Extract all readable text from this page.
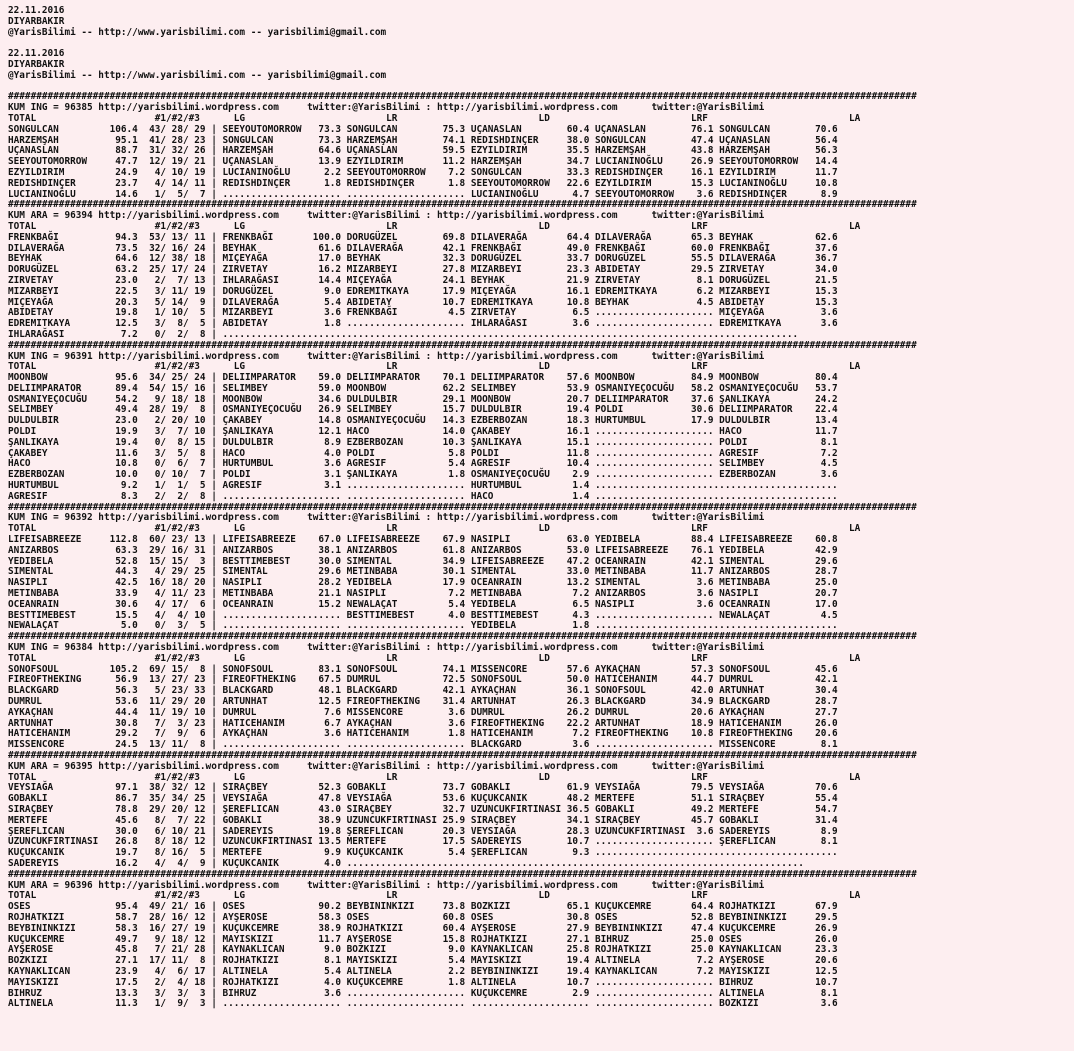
22.11.2016
DIYARBAKIR
@YarisBilimi -- http://www.yarisbilimi.com -- yarisbilimi@gmail.com
22.11.2016
DIYARBAKIR
@YarisBilimi -- http://www.yarisbilimi.com -- yarisbilimi@gmail.com
#################################################################################################################################################################
KUM ING = 96385 http://yarisbilimi.wordpress.com     twitter:@YarisBilimi : http://yarisbilimi.wordpress.com      twitter:@YarisBilimi
TOTAL                     #1/#2/#3      LG                         LR                         LD                         LRF                         LA
SONGULCAN         106.4  43/ 28/ 29 | SEEYOUTOMORROW   73.3 SONGULCAN        75.3 UÇANASLAN        60.4 UÇANASLAN        76.1 SONGULCAN        70.6
HARZEMŞAH          95.1  41/ 28/ 23 | SONGULCAN        73.3 HARZEMŞAH        74.1 REDISHDINÇER     38.0 SONGULCAN        47.4 UÇANASLAN        56.4
UÇANASLAN          88.7  31/ 32/ 26 | HARZEMŞAH        64.6 UÇANASLAN        59.5 EZYILDIRIM       35.5 HARZEMŞAH        43.8 HARZEMŞAH        56.3
SEEYOUTOMORROW     47.7  12/ 19/ 21 | UÇANASLAN        13.9 EZYILDIRIM       11.2 HARZEMŞAH        34.7 LUCIANINOĞLU     26.9 SEEYOUTOMORROW   14.4
EZYILDIRIM         24.9   4/ 10/ 19 | LUCIANINOĞLU      2.2 SEEYOUTOMORROW    7.2 SONGULCAN        33.3 REDISHDINÇER     16.1 EZYILDIRIM       11.7
REDISHDINÇER       23.7   4/ 14/ 11 | REDISHDINÇER      1.8 REDISHDINÇER      1.8 SEEYOUTOMORROW   22.6 EZYILDIRIM       15.3 LUCIANINOĞLU     10.8
LUCIANINOĞLU       14.6   1/  5/  7 | ..................... ..................... LUCIANINOĞLU      4.7 SEEYOUTOMORROW    3.6 REDISHDINÇER      8.9
#################################################################################################################################################################
KUM ARA = 96394 http://yarisbilimi.wordpress.com     twitter:@YarisBilimi : http://yarisbilimi.wordpress.com      twitter:@YarisBilimi
TOTAL                     #1/#2/#3      LG                         LR                         LD                         LRF                         LA
FRENKBAĞI          94.3  53/ 13/ 11 | FRENKBAĞI       100.0 DORUGÜZEL        69.8 DILAVERAĞA       64.4 DILAVERAĞA       65.3 BEYHAK           62.6
DILAVERAĞA         73.5  32/ 16/ 24 | BEYHAK           61.6 DILAVERAĞA       42.1 FRENKBAĞI        49.0 FRENKBAĞI        60.0 FRENKBAĞI        37.6
BEYHAK             64.6  12/ 38/ 18 | MIÇEYAĞA         17.0 BEYHAK           32.3 DORUGÜZEL        33.7 DORUGÜZEL        55.5 DILAVERAĞA       36.7
DORUGÜZEL          63.2  25/ 17/ 24 | ZIRVETAY         16.2 MIZARBEYI        27.8 MIZARBEYI        23.3 ABIDETAY         29.5 ZIRVETAY         34.0
ZIRVETAY           23.0   2/  7/ 13 | IHLARAĞASI       14.4 MIÇEYAĞA         24.1 BEYHAK           21.9 ZIRVETAY          8.1 DORUGÜZEL        21.5
MIZARBEYI          22.5   3/ 11/ 19 | DORUGÜZEL         9.0 EDREMITKAYA      17.9 MIÇEYAĞA         16.1 EDREMITKAYA       6.2 MIZARBEYI        15.3
MIÇEYAĞA           20.3   5/ 14/  9 | DILAVERAĞA        5.4 ABIDETAY         10.7 EDREMITKAYA      10.8 BEYHAK            4.5 ABIDETAY         15.3
ABIDETAY           19.8   1/ 10/  5 | MIZARBEYI         3.6 FRENKBAĞI         4.5 ZIRVETAY          6.5 ..................... MIÇEYAĞA          3.6
EDREMITKAYA        12.5   3/  8/  5 | ABIDETAY          1.8 ..................... IHLARAĞASI        3.6 ..................... EDREMITKAYA       3.6
IHLARAĞASI          7.2   0/  2/  8 | ......................................................................................................
#################################################################################################################################################################
KUM ING = 96391 http://yarisbilimi.wordpress.com     twitter:@YarisBilimi : http://yarisbilimi.wordpress.com      twitter:@YarisBilimi
TOTAL                     #1/#2/#3      LG                         LR                         LD                         LRF                         LA
MOONBOW            95.6  34/ 25/ 24 | DELIIMPARATOR    59.0 DELIIMPARATOR    70.1 DELIIMPARATOR    57.6 MOONBOW          84.9 MOONBOW          80.4
DELIIMPARATOR      89.4  54/ 15/ 16 | SELIMBEY         59.0 MOONBOW          62.2 SELIMBEY         53.9 OSMANIYEÇOCUĞU   58.2 OSMANIYEÇOCUĞU   53.7
OSMANIYEÇOCUĞU     54.2   9/ 18/ 18 | MOONBOW          34.6 DULDULBIR        29.1 MOONBOW          20.7 DELIIMPARATOR    37.6 ŞANLIKAYA        24.2
SELIMBEY           49.4  28/ 19/  8 | OSMANIYEÇOCUĞU   26.9 SELIMBEY         15.7 DULDULBIR        19.4 POLDI            30.6 DELIIMPARATOR    22.4
DULDULBIR          23.0   2/ 20/ 10 | ÇAKABEY          14.8 OSMANIYEÇOCUĞU   14.3 EZBERBOZAN       18.3 HURTUMBUL        17.9 DULDULBIR        13.4
POLDI              19.9   3/  7/ 10 | ŞANLIKAYA        12.1 HACO             14.0 ÇAKABEY          16.1 ..................... HACO             11.7
ŞANLIKAYA          19.4   0/  8/ 15 | DULDULBIR         8.9 EZBERBOZAN       10.3 ŞANLIKAYA        15.1 ..................... POLDI             8.1
ÇAKABEY            11.6   3/  5/  8 | HACO              4.0 POLDI             5.8 POLDI            11.8 ..................... AGRESIF           7.2
HACO               10.8   0/  6/  7 | HURTUMBUL         3.6 AGRESIF           5.4 AGRESIF          10.4 ..................... SELIMBEY          4.5
EZBERBOZAN         10.0   0/ 10/  7 | POLDI             3.1 ŞANLIKAYA         1.8 OSMANIYEÇOCUĞU    2.9 ..................... EZBERBOZAN        3.6
HURTUMBUL           9.2   1/  1/  5 | AGRESIF           3.1 ..................... HURTUMBUL         1.4 ...........................................
AGRESIF             8.3   2/  2/  8 | ..................... ..................... HACO              1.4 ...........................................
#################################################################################################################################################################
KUM ING = 96392 http://yarisbilimi.wordpress.com     twitter:@YarisBilimi : http://yarisbilimi.wordpress.com      twitter:@YarisBilimi
TOTAL                     #1/#2/#3      LG                         LR                         LD                         LRF                         LA
LIFEISABREEZE     112.8  60/ 23/ 13 | LIFEISABREEZE    67.0 LIFEISABREEZE    67.9 NASIPLI          63.0 YEDIBELA         88.4 LIFEISABREEZE    60.8
ANIZARBOS          63.3  29/ 16/ 31 | ANIZARBOS        38.1 ANIZARBOS        61.8 ANIZARBOS        53.0 LIFEISABREEZE    76.1 YEDIBELA         42.9
YEDIBELA           52.8  15/ 15/  3 | BESTTIMEBEST     30.0 SIMENTAL         34.9 LIFEISABREEZE    47.2 OCEANRAIN        42.1 SIMENTAL         29.6
SIMENTAL           44.3   4/ 29/ 25 | SIMENTAL         29.6 METINBABA        30.1 SIMENTAL         33.0 METINBABA        11.7 ANIZARBOS        28.7
NASIPLI            42.5  16/ 18/ 20 | NASIPLI          28.2 YEDIBELA         17.9 OCEANRAIN        13.2 SIMENTAL          3.6 METINBABA        25.0
METINBABA          33.9   4/ 11/ 23 | METINBABA        21.1 NASIPLI           7.2 METINBABA         7.2 ANIZARBOS         3.6 NASIPLI          20.7
OCEANRAIN          30.6   4/ 17/  6 | OCEANRAIN        15.2 NEWALAÇAT         5.4 YEDIBELA          6.5 NASIPLI           3.6 OCEANRAIN        17.0
BESTTIMEBEST       15.5   4/  4/ 10 | ..................... BESTTIMEBEST      4.0 BESTTIMEBEST      4.3 ..................... NEWALAÇAT         4.5
NEWALAÇAT           5.0   0/  3/  5 | ..................... ..................... YEDIBELA          1.8 ...........................................
#################################################################################################################################################################
KUM ING = 96384 http://yarisbilimi.wordpress.com     twitter:@YarisBilimi : http://yarisbilimi.wordpress.com      twitter:@YarisBilimi
TOTAL                     #1/#2/#3      LG                         LR                         LD                         LRF                         LA
SONOFSOUL         105.2  69/ 15/  8 | SONOFSOUL        83.1 SONOFSOUL        74.1 MISSENCORE       57.6 AYKAÇHAN         57.3 SONOFSOUL        45.6
FIREOFTHEKING      56.9  13/ 27/ 23 | FIREOFTHEKING    67.5 DUMRUL           72.5 SONOFSOUL        50.0 HATICEHANIM      44.7 DUMRUL           42.1
BLACKGARD          56.3   5/ 23/ 33 | BLACKGARD        48.1 BLACKGARD        42.1 AYKAÇHAN         36.1 SONOFSOUL        42.0 ARTUNHAT         30.4
DUMRUL             53.6  11/ 29/ 20 | ARTUNHAT         12.5 FIREOFTHEKING    31.4 ARTUNHAT         26.3 BLACKGARD        34.9 BLACKGARD        28.7
AYKAÇHAN           44.4  11/ 19/ 10 | DUMRUL            7.6 MISSENCORE        3.6 DUMRUL           26.2 DUMRUL           20.6 AYKAÇHAN         27.7
ARTUNHAT           30.8   7/  3/ 23 | HATICEHANIM       6.7 AYKAÇHAN          3.6 FIREOFTHEKING    22.2 ARTUNHAT         18.9 HATICEHANIM      26.0
HATICEHANIM        29.2   7/  9/  6 | AYKAÇHAN          3.6 HATICEHANIM       1.8 HATICEHANIM       7.2 FIREOFTHEKING    10.8 FIREOFTHEKING    20.6
MISSENCORE         24.5  13/ 11/  8 | ..................... ..................... BLACKGARD         3.6 ..................... MISSENCORE        8.1
#################################################################################################################################################################
KUM ARA = 96395 http://yarisbilimi.wordpress.com     twitter:@YarisBilimi : http://yarisbilimi.wordpress.com      twitter:@YarisBilimi
TOTAL                     #1/#2/#3      LG                         LR                         LD                         LRF                         LA
VEYSIAĞA           97.1  38/ 32/ 12 | SIRAÇBEY         52.3 GOBAKLI          73.7 GOBAKLI          61.9 VEYSIAĞA         79.5 VEYSIAĞA         70.6
GOBAKLI            86.7  35/ 34/ 25 | VEYSIAĞA         47.8 VEYSIAĞA         53.6 KUÇUKCANIK       48.2 MERTEFE          51.1 SIRAÇBEY         55.4
SIRAÇBEY           78.8  29/ 20/ 12 | ŞEREFLICAN       43.0 SIRAÇBEY         32.7 UZUNCUKFIRTINASI 36.5 GOBAKLI          49.2 MERTEFE          54.7
MERTEFE            45.6   8/  7/ 22 | GOBAKLI          38.9 UZUNCUKFIRTINASI 25.9 SIRAÇBEY         34.1 SIRAÇBEY         45.7 GOBAKLI          31.4
ŞEREFLICAN         30.0   6/ 10/ 21 | SADEREYIS        19.8 ŞEREFLICAN       20.3 VEYSIAĞA         28.3 UZUNCUKFIRTINASI  3.6 SADEREYIS         8.9
UZUNCUKFIRTINASI   26.8   8/ 18/ 12 | UZUNCUKFIRTINASI 13.5 MERTEFE          17.5 SADEREYIS        10.7 ..................... ŞEREFLICAN        8.1
KUÇUKCANIK         19.7   8/ 16/  5 | MERTEFE           9.9 KUÇUKCANIK        5.4 ŞEREFLICAN        9.3 ...........................................
SADEREYIS          16.2   4/  4/  9 | KUÇUKCANIK        4.0 .................................................................................
#################################################################################################################################################################
KUM ARA = 96396 http://yarisbilimi.wordpress.com     twitter:@YarisBilimi : http://yarisbilimi.wordpress.com      twitter:@YarisBilimi
TOTAL                     #1/#2/#3      LG                         LR                         LD                         LRF                         LA
OSES               95.4  49/ 21/ 16 | OSES             90.2 BEYBININKIZI     73.8 BOZKIZI          65.1 KUÇUKCEMRE       64.4 ROJHATKIZI       67.9
ROJHATKIZI         58.7  28/ 16/ 12 | AYŞEROSE         58.3 OSES             60.8 OSES             30.8 OSES             52.8 BEYBININKIZI     29.5
BEYBININKIZI       58.3  16/ 27/ 19 | KUÇUKCEMRE       38.9 ROJHATKIZI       60.4 AYŞEROSE         27.9 BEYBININKIZI     47.4 KUÇUKCEMRE       26.9
KUÇUKCEMRE         49.7   9/ 18/ 12 | MAYISKIZI        11.7 AYŞEROSE         15.8 ROJHATKIZI       27.1 BIHRUZ           25.0 OSES             26.0
AYŞEROSE           45.8   7/ 21/ 28 | KAYNAKLICAN       9.0 BOZKIZI           9.0 KAYNAKLICAN      25.8 ROJHATKIZI       25.0 KAYNAKLICAN      23.3
BOZKIZI            27.1  17/ 11/  8 | ROJHATKIZI        8.1 MAYISKIZI         5.4 MAYISKIZI        19.4 ALTINELA          7.2 AYŞEROSE         20.6
KAYNAKLICAN        23.9   4/  6/ 17 | ALTINELA          5.4 ALTINELA          2.2 BEYBININKIZI     19.4 KAYNAKLICAN       7.2 MAYISKIZI        12.5
MAYISKIZI          17.5   2/  4/ 18 | ROJHATKIZI        4.0 KUÇUKCEMRE        1.8 ALTINELA         10.7 ..................... BIHRUZ           10.7
BIHRUZ             13.3   3/  3/  3 | BIHRUZ            3.6 ..................... KUÇUKCEMRE        2.9 ..................... ALTINELA          8.1
ALTINELA           11.3   1/  9/  3 | ..................... ..................... ..................... ..................... BOZKIZI           3.6
